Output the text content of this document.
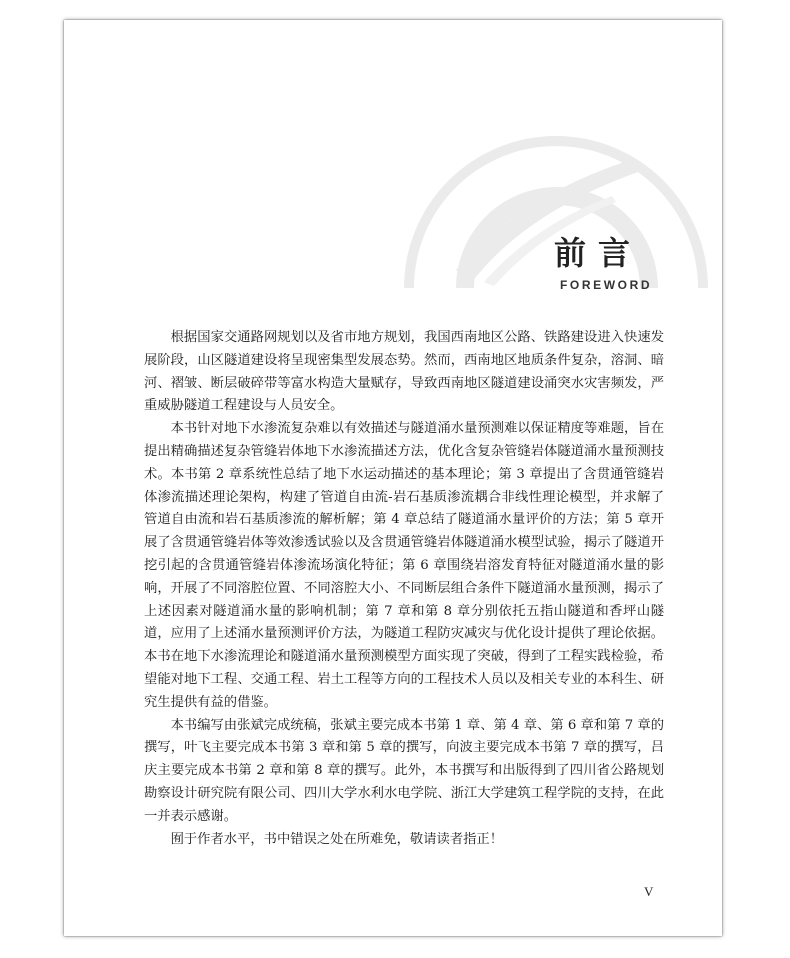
前言
FOREWORD

根据国家交通路网规划以及省市地方规划，我国西南地区公路、铁路建设进入快速发展阶段，山区隧道建设将呈现密集型发展态势。然而，西南地区地质条件复杂，溶洞、暗河、褶皱、断层破碎带等富水构造大量赋存，导致西南地区隧道建设涌突水灾害频发，严重威胁隧道工程建设与人员安全。

本书针对地下水渗流复杂难以有效描述与隧道涌水量预测难以保证精度等难题，旨在提出精确描述复杂管缝岩体地下水渗流描述方法，优化含复杂管缝岩体隧道涌水量预测技术。本书第 2 章系统性总结了地下水运动描述的基本理论；第 3 章提出了含贯通管缝岩体渗流描述理论架构，构建了管道自由流-岩石基质渗流耦合非线性理论模型，并求解了管道自由流和岩石基质渗流的解析解；第 4 章总结了隧道涌水量评价的方法；第 5 章开展了含贯通管缝岩体等效渗透试验以及含贯通管缝岩体隧道涌水模型试验，揭示了隧道开挖引起的含贯通管缝岩体渗流场演化特征；第 6 章围绕岩溶发育特征对隧道涌水量的影响，开展了不同溶腔位置、不同溶腔大小、不同断层组合条件下隧道涌水量预测，揭示了上述因素对隧道涌水量的影响机制；第 7 章和第 8 章分别依托五指山隧道和香坪山隧道，应用了上述涌水量预测评价方法，为隧道工程防灾减灾与优化设计提供了理论依据。本书在地下水渗流理论和隧道涌水量预测模型方面实现了突破，得到了工程实践检验，希望能对地下工程、交通工程、岩土工程等方向的工程技术人员以及相关专业的本科生、研究生提供有益的借鉴。

本书编写由张斌完成统稿，张斌主要完成本书第 1 章、第 4 章、第 6 章和第 7 章的撰写，叶飞主要完成本书第 3 章和第 5 章的撰写，向波主要完成本书第 7 章的撰写，吕庆主要完成本书第 2 章和第 8 章的撰写。此外，本书撰写和出版得到了四川省公路规划勘察设计研究院有限公司、四川大学水利水电学院、浙江大学建筑工程学院的支持，在此一并表示感谢。

囿于作者水平，书中错误之处在所难免，敬请读者指正！

V
